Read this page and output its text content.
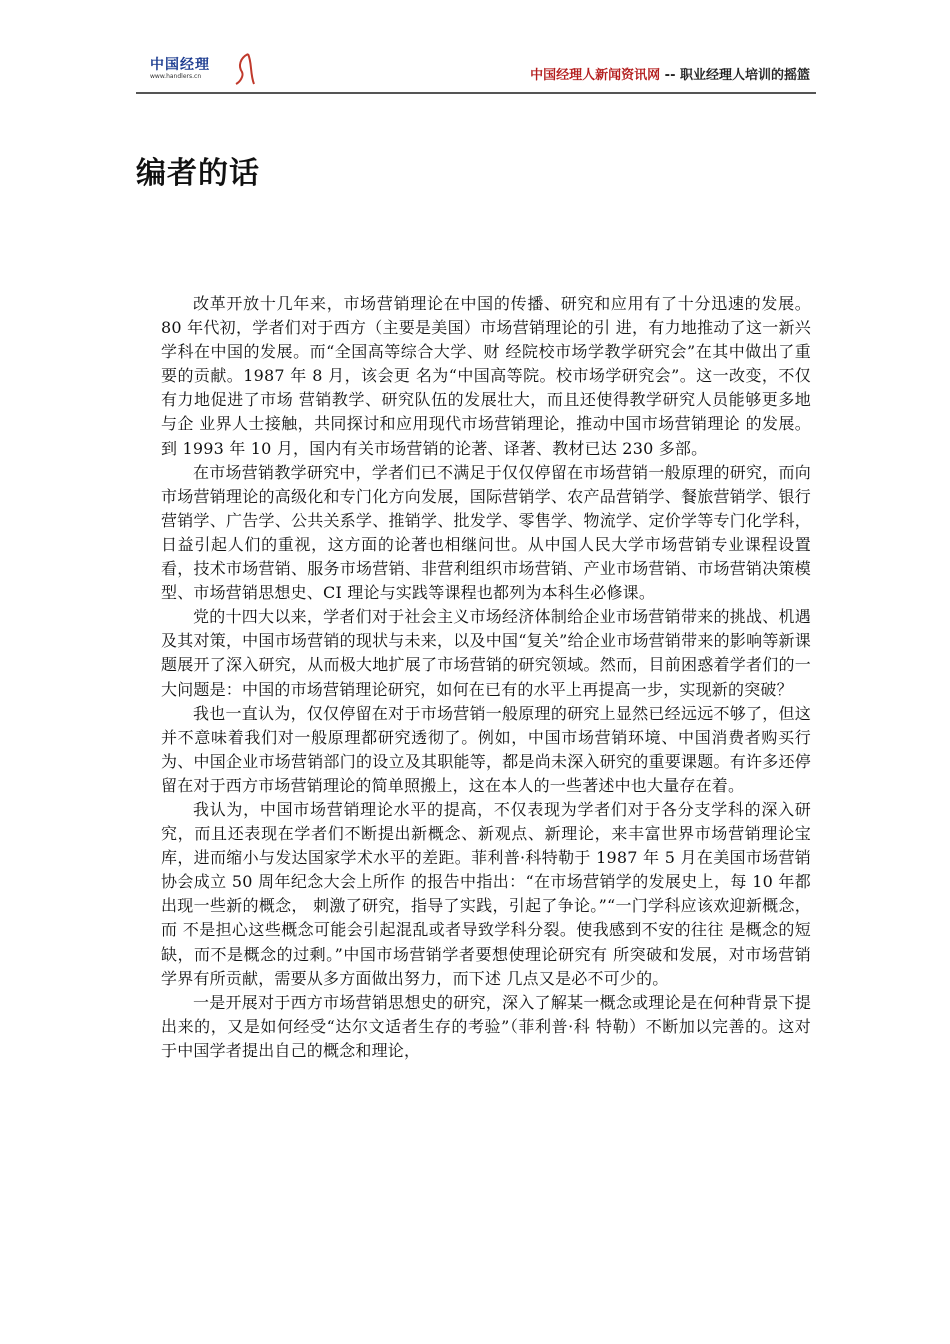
中国经理
www.handlers.cn	中国经理人新闻资讯网 -- 职业经理人培训的摇篮
编者的话

改革开放十几年来，市场营销理论在中国的传播、研究和应用有了十分迅速的发展。80 年代初，学者们对于西方（主要是美国）市场营销理论的引 进，有力地推动了这一新兴学科在中国的发展。而“全国高等综合大学、财 经院校市场学教学研究会”在其中做出了重要的贡献。1987 年 8 月，该会更 名为“中国高等院。校市场学研究会”。这一改变，不仅有力地促进了市场 营销教学、研究队伍的发展壮大，而且还使得教学研究人员能够更多地与企 业界人士接触，共同探讨和应用现代市场营销理论，推动中国市场营销理论 的发展。到 1993 年 10 月，国内有关市场营销的论著、译著、教材已达 230 多部。

在市场营销教学研究中，学者们已不满足于仅仅停留在市场营销一般原理的研究，而向市场营销理论的高级化和专门化方向发展，国际营销学、农产品营销学、餐旅营销学、银行营销学、广告学、公共关系学、推销学、批发学、零售学、物流学、定价学等专门化学科，日益引起人们的重视，这方面的论著也相继问世。从中国人民大学市场营销专业课程设置看，技术市场营销、服务市场营销、非营利组织市场营销、产业市场营销、市场营销决策模型、市场营销思想史、CI 理论与实践等课程也都列为本科生必修课。

党的十四大以来，学者们对于社会主义市场经济体制给企业市场营销带来的挑战、机遇及其对策，中国市场营销的现状与未来，以及中国“复关”给企业市场营销带来的影响等新课题展开了深入研究，从而极大地扩展了市场营销的研究领域。然而，目前困惑着学者们的一大问题是：中国的市场营销理论研究，如何在已有的水平上再提高一步，实现新的突破？

我也一直认为，仅仅停留在对于市场营销一般原理的研究上显然已经远远不够了，但这并不意味着我们对一般原理都研究透彻了。例如，中国市场营销环境、中国消费者购买行为、中国企业市场营销部门的设立及其职能等，都是尚未深入研究的重要课题。有许多还停留在对于西方市场营销理论的简单照搬上，这在本人的一些著述中也大量存在着。

我认为，中国市场营销理论水平的提高，不仅表现为学者们对于各分支学科的深入研究，而且还表现在学者们不断提出新概念、新观点、新理论，来丰富世界市场营销理论宝库，进而缩小与发达国家学术水平的差距。菲利普·科特勒于 1987 年 5 月在美国市场营销协会成立 50 周年纪念大会上所作 的报告中指出：“在市场营销学的发展史上，每 10 年都出现一些新的概念， 刺激了研究，指导了实践，引起了争论。”“一门学科应该欢迎新概念，而 不是担心这些概念可能会引起混乱或者导致学科分裂。使我感到不安的往往 是概念的短缺，而不是概念的过剩。”中国市场营销学者要想使理论研究有 所突破和发展，对市场营销学界有所贡献，需要从多方面做出努力，而下述 几点又是必不可少的。

一是开展对于西方市场营销思想史的研究，深入了解某一概念或理论是在何种背景下提出来的，又是如何经受“达尔文适者生存的考验”（菲利普·科 特勒）不断加以完善的。这对于中国学者提出自己的概念和理论，
